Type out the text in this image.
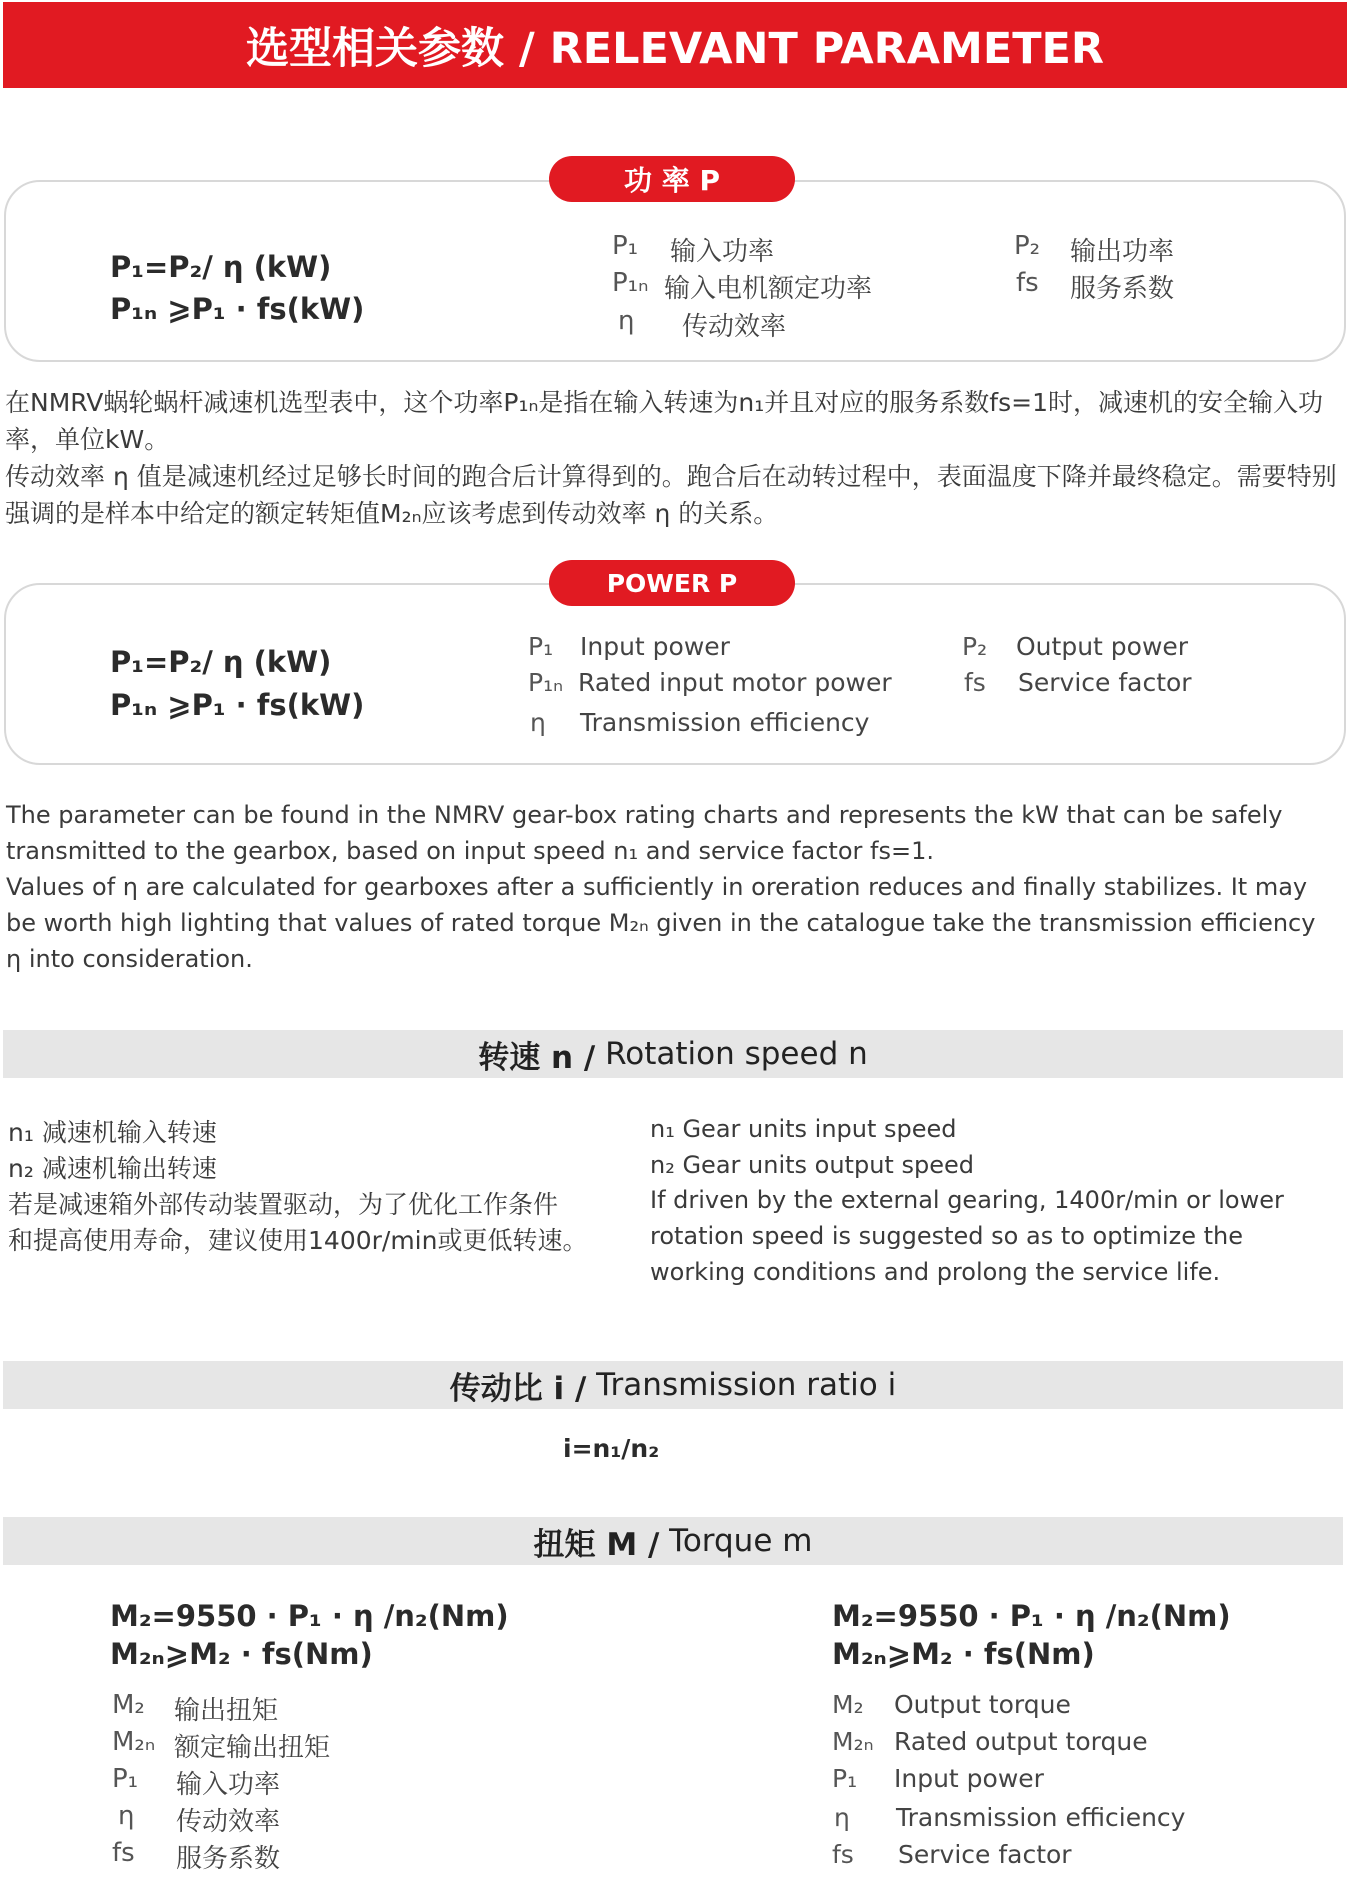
选型相关参数 / RELEVANT PARAMETER
功 率 P
P₁=P₂/ η (kW)
P₁ₙ ⩾P₁ · fs(kW)
P₁ 输入功率
P₁ₙ 输入电机额定功率
η 传动效率
P₂ 输出功率
fs 服务系数
在NMRV蜗轮蜗杆减速机选型表中，这个功率P₁ₙ是指在输入转速为n₁并且对应的服务系数fs=1时，减速机的安全输入功率，单位kW。
传动效率 η 值是减速机经过足够长时间的跑合后计算得到的。跑合后在动转过程中，表面温度下降并最终稳定。需要特别强调的是样本中给定的额定转矩值M₂ₙ应该考虑到传动效率 η 的关系。
POWER P
P₁=P₂/ η (kW)
P₁ₙ ⩾P₁ · fs(kW)
P₁ Input power
P₁ₙ Rated input motor power
η Transmission efficiency
P₂ Output power
fs Service factor
The parameter can be found in the NMRV gear-box rating charts and represents the kW that can be safely transmitted to the gearbox, based on input speed n₁ and service factor fs=1.
Values of η are calculated for gearboxes after a sufficiently in oreration reduces and finally stabilizes. It may be worth high lighting that values of rated torque M₂ₙ given in the catalogue take the transmission efficiency η into consideration.
转速 n /
Rotation speed n
n₁ 减速机输入转速
n₂ 减速机输出转速
若是减速箱外部传动装置驱动，为了优化工作条件
和提高使用寿命，建议使用1400r/min或更低转速。
n₁ Gear units input speed
n₂ Gear units output speed
If driven by the external gearing, 1400r/min or lower rotation speed is suggested so as to optimize the working conditions and prolong the service life.
传动比 i /
Transmission ratio i
i=n₁/n₂
扭矩 M /
Torque m
M₂=9550 · P₁ · η /n₂(Nm)
M₂ₙ⩾M₂ · fs(Nm)
M₂=9550 · P₁ · η /n₂(Nm)
M₂ₙ⩾M₂ · fs(Nm)
M₂ 输出扭矩
M₂ₙ 额定输出扭矩
P₁ 输入功率
η 传动效率
fs 服务系数
M₂ Output torque
M₂ₙ Rated output torque
P₁ Input power
η Transmission efficiency
fs Service factor
